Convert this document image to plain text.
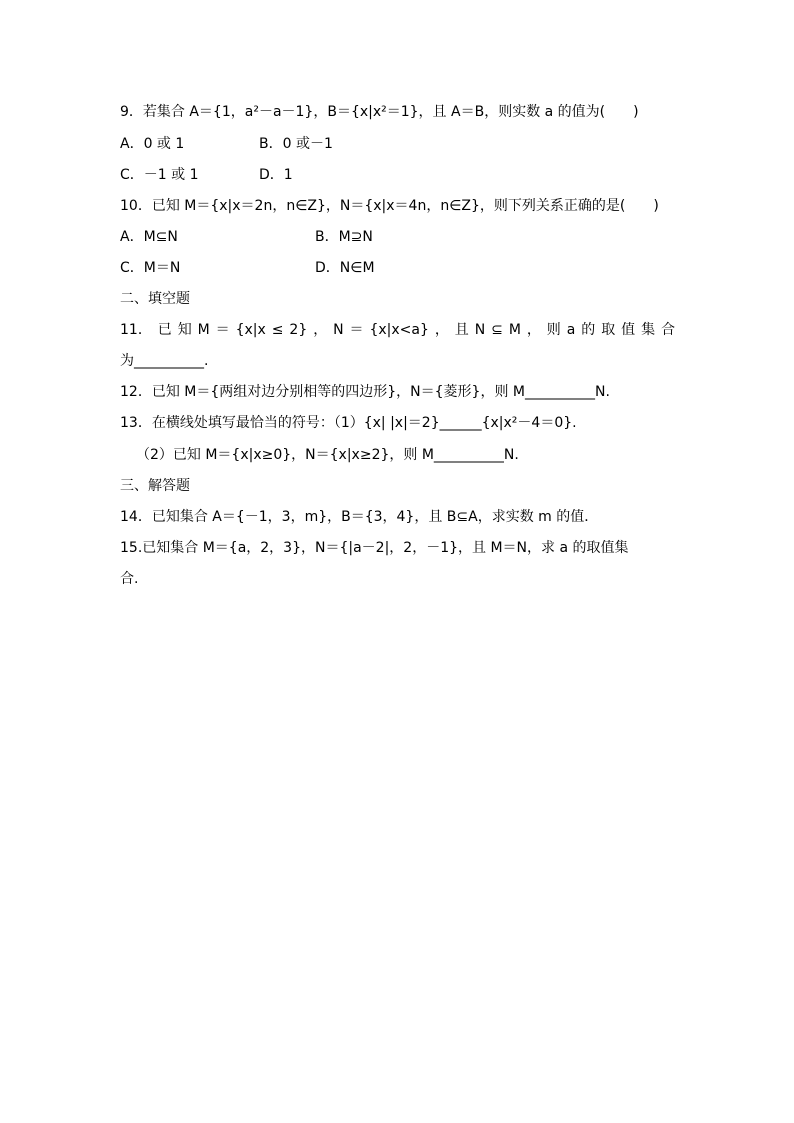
9．若集合 A＝{1，a²－a－1}，B＝{x|x²＝1}，且 A＝B，则实数 a 的值为(　　)
A．0 或 1	B．0 或－1
C．－1 或 1	D．1
10．已知 M＝{x|x＝2n，n∈Z}，N＝{x|x＝4n，n∈Z}，则下列关系正确的是(　　)
A．M⊆N	B．M⊇N
C．M＝N	D．N∈M
二、填空题
11． 已 知 M ＝ {x|x ≤ 2} ， N ＝ {x|x<a} ， 且 N ⊆ M ， 则 a 的 取 值 集 合
为__________.
12．已知 M＝{两组对边分别相等的四边形}，N＝{菱形}，则 M__________N.
13．在横线处填写最恰当的符号：（1）{x| |x|＝2}______{x|x²－4＝0}.
（2）已知 M＝{x|x≥0}，N＝{x|x≥2}，则 M__________N.
三、解答题
14．已知集合 A＝{－1，3，m}，B＝{3，4}，且 B⊆A，求实数 m 的值．
15.已知集合 M＝{a，2，3}，N＝{|a－2|，2，－1}，且 M＝N，求 a 的取值集
合.
